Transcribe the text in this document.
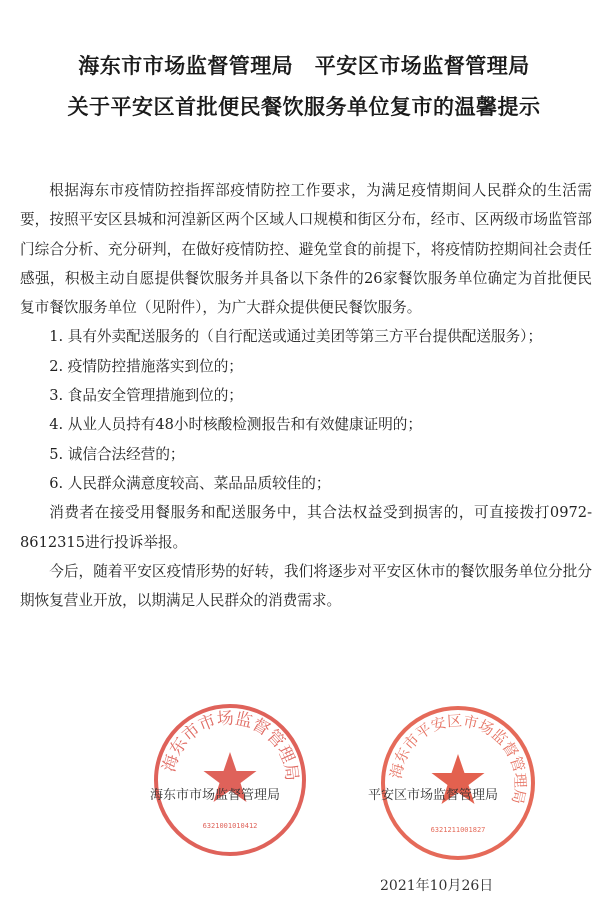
海东市市场监督管理局　平安区市场监督管理局
关于平安区首批便民餐饮服务单位复市的温馨提示

根据海东市疫情防控指挥部疫情防控工作要求，为满足疫情期间人民群众的生活需要，按照平安区县城和河湟新区两个区域人口规模和街区分布，经市、区两级市场监管部门综合分析、充分研判，在做好疫情防控、避免堂食的前提下，将疫情防控期间社会责任感强，积极主动自愿提供餐饮服务并具备以下条件的26家餐饮服务单位确定为首批便民复市餐饮服务单位（见附件），为广大群众提供便民餐饮服务。

1. 具有外卖配送服务的（自行配送或通过美团等第三方平台提供配送服务）；

2. 疫情防控措施落实到位的；

3. 食品安全管理措施到位的；

4. 从业人员持有48小时核酸检测报告和有效健康证明的；

5. 诚信合法经营的；

6. 人民群众满意度较高、菜品品质较佳的；

消费者在接受用餐服务和配送服务中，其合法权益受到损害的，可直接拨打0972-8612315进行投诉举报。

今后，随着平安区疫情形势的好转，我们将逐步对平安区休市的餐饮服务单位分批分期恢复营业开放，以期满足人民群众的消费需求。

海东市市场监督管理局
6321001010412
海东市平安区市场监督管理局
6321211001827
海东市市场监督管理局	平安区市场监督管理局
2021年10月26日
